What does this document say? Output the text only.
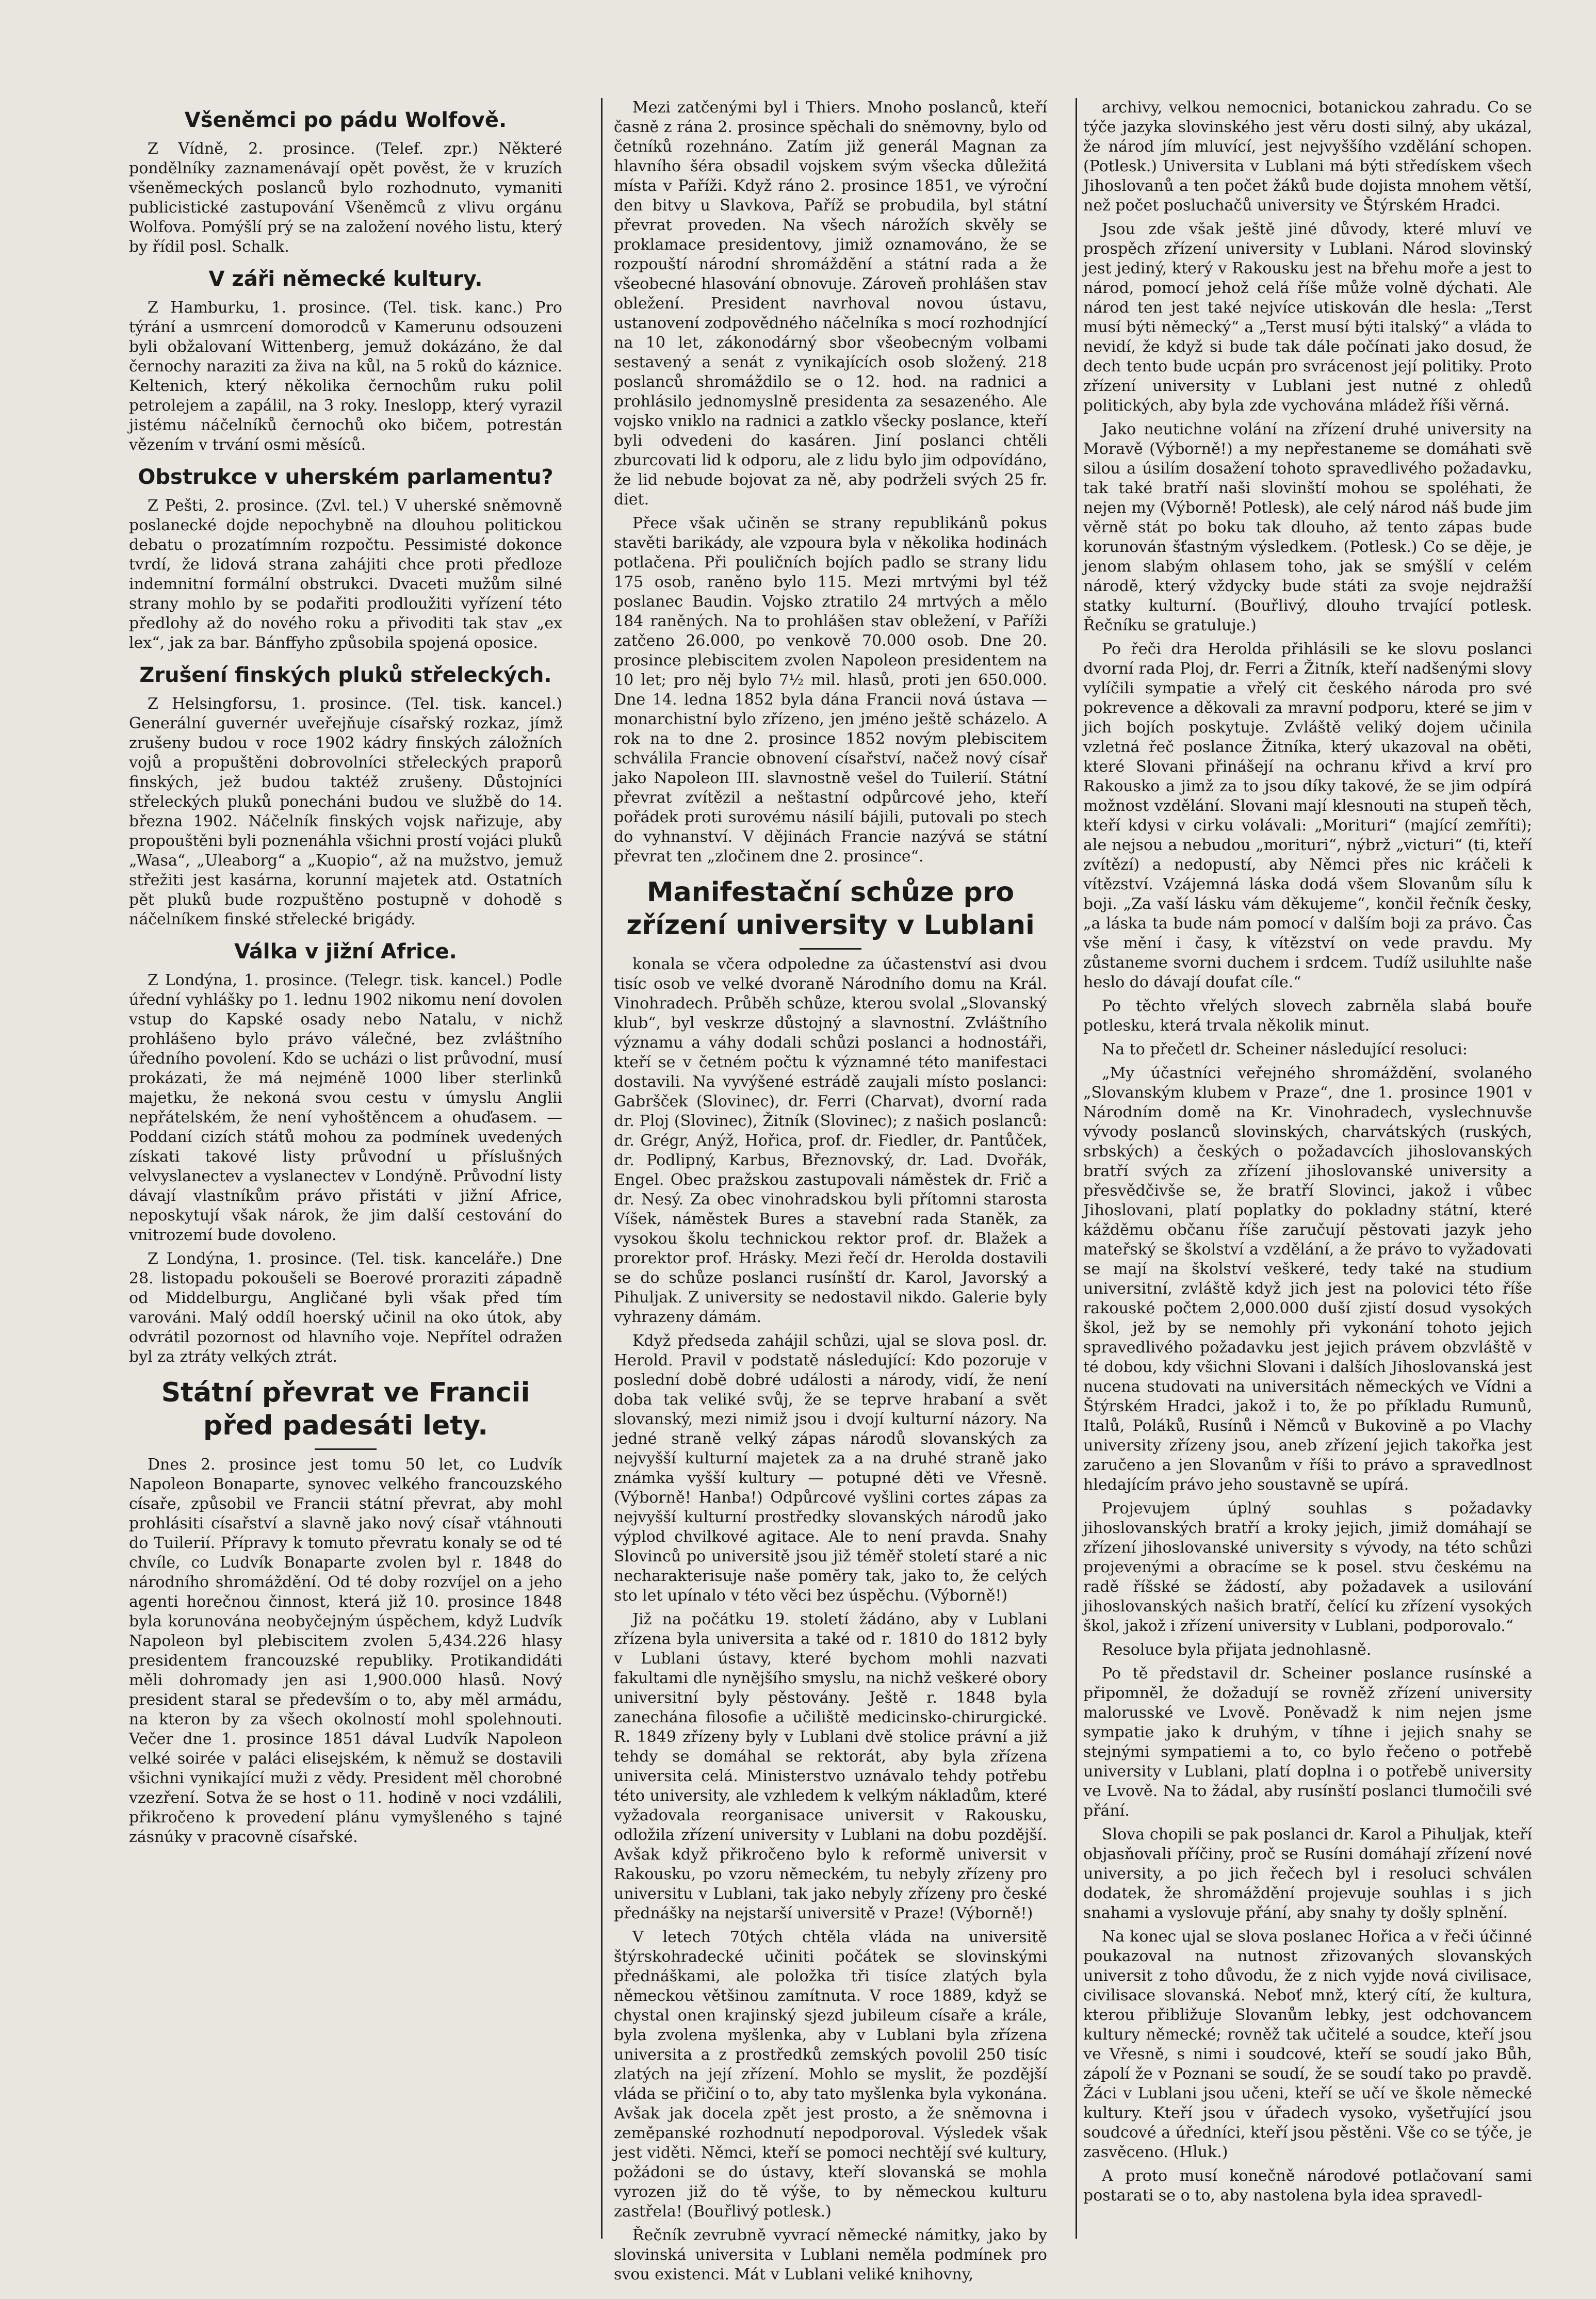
Všeněmci po pádu Wolfově.

Z Vídně, 2. prosince. (Telef. zpr.) Některé pondělníky zaznamenávají opět pověst, že v kruzích všeněmeckých poslanců bylo rozhodnuto, vymaniti publicistické zastupování Všeněmců z vlivu orgánu Wolfova. Pomýšlí prý se na založení nového listu, který by řídil posl. Schalk.

V záři německé kultury.

Z Hamburku, 1. prosince. (Tel. tisk. kanc.) Pro týrání a usmrcení domorodců v Kamerunu odsouzeni byli obžalovaní Wittenberg, jemuž dokázáno, že dal černochy naraziti za živa na kůl, na 5 roků do káznice. Keltenich, který několika černochům ruku polil petrolejem a zapálil, na 3 roky. Ineslopp, který vyrazil jistému náčelníků černochů oko bičem, potrestán vězením v trvání osmi měsíců.

Obstrukce v uherském parlamentu?

Z Pešti, 2. prosince. (Zvl. tel.) V uherské sněmovně poslanecké dojde nepochybně na dlouhou politickou debatu o prozatímním rozpočtu. Pessimisté dokonce tvrdí, že lidová strana zahájiti chce proti předloze indemnitní formální obstrukci. Dvaceti mužům silné strany mohlo by se podařiti prodloužiti vyřízení této předlohy až do nového roku a přivoditi tak stav „ex lex“, jak za bar. Bánffyho způsobila spojená oposice.

Zrušení finských pluků střeleckých.

Z Helsingforsu, 1. prosince. (Tel. tisk. kancel.) Generální guvernér uveřejňuje císařský rozkaz, jímž zrušeny budou v roce 1902 kádry finských záložních vojů a propuštěni dobrovolníci střeleckých praporů finských, jež budou taktéž zrušeny. Důstojníci střeleckých pluků ponecháni budou ve službě do 14. března 1902. Náčelník finských vojsk nařizuje, aby propouštěni byli poznenáhla všichni prostí vojáci pluků „Wasa“, „Uleaborg“ a „Kuopio“, až na mužstvo, jemuž střežiti jest kasárna, korunní majetek atd. Ostatních pět pluků bude rozpuštěno postupně v dohodě s náčelníkem finské střelecké brigády.

Válka v jižní Africe.

Z Londýna, 1. prosince. (Telegr. tisk. kancel.) Podle úřední vyhlášky po 1. lednu 1902 nikomu není dovolen vstup do Kapské osady nebo Natalu, v nichž prohlášeno bylo právo válečné, bez zvláštního úředního povolení. Kdo se ucházi o list průvodní, musí prokázati, že má nejméně 1000 liber sterlinků majetku, že nekoná svou cestu v úmyslu Anglii nepřátelském, že není vyhoštěncem a ohuďasem. — Poddaní cizích států mohou za podmínek uvedených získati takové listy průvodní u příslušných velvyslanectev a vyslanectev v Londýně. Průvodní listy dávají vlastníkům právo přistáti v jižní Africe, neposkytují však nárok, že jim další cestování do vnitrozemí bude dovoleno.

Z Londýna, 1. prosince. (Tel. tisk. kanceláře.) Dne 28. listopadu pokoušeli se Boerové proraziti západně od Middelburgu, Angličané byli však před tím varováni. Malý oddíl hoerský učinil na oko útok, aby odvrátil pozornost od hlavního voje. Nepřítel odražen byl za ztráty velkých ztrát.

Státní převrat ve Francii před padesáti lety.

Dnes 2. prosince jest tomu 50 let, co Ludvík Napoleon Bonaparte, synovec velkého francouzského císaře, způsobil ve Francii státní převrat, aby mohl prohlásiti císařství a slavně jako nový císař vtáhnouti do Tuilerií. Přípravy k tomuto převratu konaly se od té chvíle, co Ludvík Bonaparte zvolen byl r. 1848 do národního shromáždění. Od té doby rozvíjel on a jeho agenti horečnou činnost, která již 10. prosince 1848 byla korunována neobyčejným úspěchem, když Ludvík Napoleon byl plebiscitem zvolen 5,434.226 hlasy presidentem francouzské republiky. Protikandidáti měli dohromady jen asi 1,900.000 hlasů. Nový president staral se především o to, aby měl armádu, na kteron by za všech okolností mohl spolehnouti. Večer dne 1. prosince 1851 dával Ludvík Napoleon velké soirée v paláci elisejském, k němuž se dostavili všichni vynikající muži z vědy. President měl chorobné vzezření. Sotva že se host o 11. hodině v noci vzdálili, přikročeno k provedení plánu vymyšleného s tajné zásnúky v pracovně císařské.

Mezi zatčenými byl i Thiers. Mnoho poslanců, kteří časně z rána 2. prosince spěchali do sněmovny, bylo od četníků rozehnáno. Zatím již generál Magnan za hlavního šéra obsadil vojskem svým všecka důležitá místa v Paříži. Když ráno 2. prosince 1851, ve výroční den bitvy u Slavkova, Paříž se probudila, byl státní převrat proveden. Na všech nárožích skvěly se proklamace presidentovy, jimiž oznamováno, že se rozpouští národní shromáždění a státní rada a že všeobecné hlasování obnovuje. Zároveň prohlášen stav obležení. President navrhoval novou ústavu, ustanovení zodpovědného náčelníka s mocí rozhodnjící na 10 let, zákonodárný sbor všeobecným volbami sestavený a senát z vynikajících osob složený. 218 poslanců shromáždilo se o 12. hod. na radnici a prohlásilo jednomyslně presidenta za sesazeného. Ale vojsko vniklo na radnici a zatklo všecky poslance, kteří byli odvedeni do kasáren. Jiní poslanci chtěli zburcovati lid k odporu, ale z lidu bylo jim odpovídáno, že lid nebude bojovat za ně, aby podrželi svých 25 fr. diet.

Přece však učiněn se strany republikánů pokus stavěti barikády, ale vzpoura byla v několika hodinách potlačena. Při pouličních bojích padlo se strany lidu 175 osob, raněno bylo 115. Mezi mrtvými byl též poslanec Baudin. Vojsko ztratilo 24 mrtvých a mělo 184 raněných. Na to prohlášen stav obležení, v Paříži zatčeno 26.000, po venkově 70.000 osob. Dne 20. prosince plebiscitem zvolen Napoleon presidentem na 10 let; pro něj bylo 7½ mil. hlasů, proti jen 650.000. Dne 14. ledna 1852 byla dána Francii nová ústava — monarchistní bylo zřízeno, jen jméno ještě scházelo. A rok na to dne 2. prosince 1852 novým plebiscitem schválila Francie obnovení císařství, načež nový císař jako Napoleon III. slavnostně vešel do Tuilerií. Státní převrat zvítězil a neštastní odpůrcové jeho, kteří pořádek proti surovému násilí bájili, putovali po stech do vyhnanství. V dějinách Francie nazývá se státní převrat ten „zločinem dne 2. prosince“.

Manifestační schůze pro zřízení university v Lublani

konala se včera odpoledne za účastenství asi dvou tisíc osob ve velké dvoraně Národního domu na Král. Vinohradech. Průběh schůze, kterou svolal „Slovanský klub“, byl veskrze důstojný a slavnostní. Zvláštního významu a váhy dodali schůzi poslanci a hodnostáři, kteří se v četném počtu k významné této manifestaci dostavili. Na vyvýšené estrádě zaujali místo poslanci: Gabršček (Slovinec), dr. Ferri (Charvat), dvorní rada dr. Ploj (Slovinec), Žitník (Slovinec); z našich poslanců: dr. Grégr, Anýž, Hořica, prof. dr. Fiedler, dr. Pantůček, dr. Podlipný, Karbus, Březnovský, dr. Lad. Dvořák, Engel. Obec pražskou zastupovali náměstek dr. Frič a dr. Nesý. Za obec vinohradskou byli přítomni starosta Víšek, náměstek Bures a stavební rada Staněk, za vysokou školu technickou rektor prof. dr. Blažek a prorektor prof. Hrásky. Mezi řečí dr. Herolda dostavili se do schůze poslanci rusínští dr. Karol, Javorský a Pihuljak. Z university se nedostavil nikdo. Galerie byly vyhrazeny dámám.

Když předseda zahájil schůzi, ujal se slova posl. dr. Herold. Pravil v podstatě následující: Kdo pozoruje v poslední době dobré události a národy, vidí, že není doba tak veliké svůj, že se teprve hrabaní a svět slovanský, mezi nimiž jsou i dvojí kulturní názory. Na jedné straně velký zápas národů slovanských za nejvyšší kulturní majetek za a na druhé straně jako známka vyšší kultury — potupné děti ve Vřesně. (Výborně! Hanba!) Odpůrcové vyšlini cortes zápas za nejvyšší kulturní prostředky slovanských národů jako výplod chvilkové agitace. Ale to není pravda. Snahy Slovinců po universitě jsou již téměř století staré a nic necharakterisuje naše pomĕry tak, jako to, že celých sto let upínalo v této věci bez úspěchu. (Výborně!)

Již na počátku 19. století žádáno, aby v Lublani zřízena byla universita a také od r. 1810 do 1812 byly v Lublani ústavy, které bychom mohli nazvati fakultami dle nynějšího smyslu, na nichž veškeré obory universitní byly pěstovány. Ještě r. 1848 byla zanechána filosofie a učiliště medicinsko-chirurgické. R. 1849 zřízeny byly v Lublani dvě stolice právní a již tehdy se domáhal se rektorát, aby byla zřízena universita celá. Ministerstvo uznávalo tehdy potřebu této university, ale vzhledem k velkým nákladům, které vyžadovala reorganisace universit v Rakousku, odložila zřízení university v Lublani na dobu pozdější. Avšak když přikročeno bylo k reformě universit v Rakousku, po vzoru německém, tu nebyly zřízeny pro universitu v Lublani, tak jako nebyly zřízeny pro české přednášky na nejstarší universitě v Praze! (Výborně!)

V letech 70tých chtěla vláda na universitě štýrskohradecké učiniti počátek se slovinskými přednáškami, ale položka tři tisíce zlatých byla německou většinou zamítnuta. V roce 1889, když se chystal onen krajinský sjezd jubileum císaře a krále, byla zvolena myšlenka, aby v Lublani byla zřízena universita a z prostředků zemských povolil 250 tisíc zlatých na její zřízení. Mohlo se myslit, že pozdější vláda se přičiní o to, aby tato myšlenka byla vykonána. Avšak jak docela zpět jest prosto, a že sněmovna i zeměpanské rozhodnutí nepodporoval. Výsledek však jest viděti. Němci, kteří se pomoci nechtějí své kultury, požádoni se do ústavy, kteří slovanská se mohla vyrozen již do tě výše, to by německou kulturu zastřela! (Bouřlivý potlesk.)

Řečník zevrubně vyvrací německé námitky, jako by slovinská universita v Lublani neměla podmínek pro svou existenci. Mát v Lublani veliké knihovny,

archivy, velkou nemocnici, botanickou zahradu. Co se týče jazyka slovinského jest věru dosti silný, aby ukázal, že národ jím mluvící, jest nejvyššího vzdělání schopen. (Potlesk.) Universita v Lublani má býti středískem všech Jihoslovanů a ten počet žáků bude dojista mnohem větší, než počet posluchačů university ve Štýrském Hradci.

Jsou zde však ještě jiné důvody, které mluví ve prospěch zřízení university v Lublani. Národ slovinský jest jediný, který v Rakousku jest na břehu moře a jest to národ, pomocí jehož celá říše může volně dýchati. Ale národ ten jest také nejvíce utiskován dle hesla: „Terst musí býti německý“ a „Terst musí býti italský“ a vláda to nevidí, že když si bude tak dále počínati jako dosud, že dech tento bude ucpán pro svrácenost její politiky. Proto zřízení university v Lublani jest nutné z ohledů politických, aby byla zde vychována mládež říši věrná.

Jako neutichne volání na zřízení druhé university na Moravě (Výborně!) a my nepřestaneme se domáhati svĕ silou a úsilím dosažení tohoto spravedlivého požadavku, tak také bratří naši slovinští mohou se spoléhati, že nejen my (Výborně! Potlesk), ale celý národ náš bude jim věrně stát po boku tak dlouho, až tento zápas bude korunován šťastným výsledkem. (Potlesk.) Co se děje, je jenom slabým ohlasem toho, jak se smýšlí v celém národě, který vždycky bude státi za svoje nejdražší statky kulturní. (Bouřlivý, dlouho trvající potlesk. Řečníku se gratuluje.)

Po řeči dra Herolda přihlásili se ke slovu poslanci dvorní rada Ploj, dr. Ferri a Žitník, kteří nadšenými slovy vylíčili sympatie a vřelý cit českého národa pro své pokrevence a děkovali za mravní podporu, které se jim v jich bojích poskytuje. Zvláště veliký dojem učinila vzletná řeč poslance Žitníka, který ukazoval na oběti, které Slovani přinášejí na ochranu křivd a krví pro Rakousko a jimž za to jsou díky takové, že se jim odpírá možnost vzdělání. Slovani mají klesnouti na stupeň těch, kteří kdysi v cirku volávali: „Morituri“ (mající zemříti); ale nejsou a nebudou „morituri“, nýbrž „victuri“ (ti, kteří zvítězí) a nedopustí, aby Němci přes nic kráčeli k vítězství. Vzájemná láska dodá všem Slovanům sílu k boji. „Za vaší lásku vám děkujeme“, končil řečník česky, „a láska ta bude nám pomocí v dalším boji za právo. Čas vše mění i časy, k vítězství on vede pravdu. My zůstaneme svorni duchem i srdcem. Tudíž usiluhlte naše heslo do dávají doufat cíle.“

Po těchto vřelých slovech zabrněla slabá bouře potlesku, která trvala několik minut.

Na to přečetl dr. Scheiner následující resoluci:

„My účastníci veřejného shromáždění, svolaného „Slovanským klubem v Praze“, dne 1. prosince 1901 v Národním domě na Kr. Vinohradech, vyslechnuvše vývody poslanců slovinských, charvátských (ruských, srbských) a českých o požadavcích jihoslovanských bratří svých za zřízení jihoslovanské university a přesvědčivše se, že bratří Slovinci, jakož i vůbec Jihoslovani, platí poplatky do pokladny státní, které kážděmu občanu říše zaručují pěstovati jazyk jeho mateřský se školství a vzdělání, a že právo to vyžadovati se mají na školství veškeré, tedy také na studium universitní, zvláště když jich jest na polovici této říše rakouské počtem 2,000.000 duší zjistí dosud vysokých škol, jež by se nemohly při vykonání tohoto jejich spravedlivého požadavku jest jejich právem obzvláště v té dobou, kdy všichni Slovani i dalších Jihoslovanská jest nucena studovati na universitách německých ve Vídni a Štýrském Hradci, jakož i to, že po příkladu Rumunů, Italů, Poláků, Rusínů i Němců v Bukovině a po Vlachy university zřízeny jsou, aneb zřízení jejich takořka jest zaručeno a jen Slovanům v říši to právo a spravedlnost hledajícím právo jeho soustavně se upírá.

Projevujem úplný souhlas s požadavky jihoslovanských bratří a kroky jejich, jimiž domáhají se zřízení jihoslovanské university s vývody, na této schůzi projevenými a obracíme se k posel. stvu českému na radě říšské se žádostí, aby požadavek a usilování jihoslovanských našich bratří, čelící ku zřízení vysokých škol, jakož i zřízení university v Lublani, podporovalo.“

Resoluce byla přijata jednohlasně.

Po tě představil dr. Scheiner poslance rusínské a připomněl, že dožadují se rovněž zřízení university malorusské ve Lvově. Poněvadž k nim nejen jsme sympatie jako k druhým, v tíhne i jejich snahy se stejnými sympatiemi a to, co bylo řečeno o potřebě university v Lublani, platí doplna i o potřebě university ve Lvově. Na to žádal, aby rusínští poslanci tlumočili své přání.

Slova chopili se pak poslanci dr. Karol a Pihuljak, kteří objasňovali příčiny, proč se Rusíni domáhají zřízení nové university, a po jich řečech byl i resoluci schválen dodatek, že shromáždění projevuje souhlas i s jich snahami a vyslovuje přání, aby snahy ty došly splnění.

Na konec ujal se slova poslanec Hořica a v řeči účinné poukazoval na nutnost zřizovaných slovanských universit z toho důvodu, že z nich vyjde nová civilisace, civilisace slovanská. Neboť mnž, který cítí, že kultura, kterou přibližuje Slovanům lebky, jest odchovancem kultury německé; rovněž tak učitelé a soudce, kteří jsou ve Vřesně, s nimi i soudcové, kteří se soudí jako Bůh, zápolí že v Poznani se soudí, že se soudí tako po pravdě. Žáci v Lublani jsou učeni, kteří se učí ve škole německé kultury. Kteří jsou v úřadech vysoko, vyšetřující jsou soudcové a úředníci, kteří jsou pěstěni. Vše co se týče, je zasvěceno. (Hluk.)

A proto musí konečně národové potlačovaní sami postarati se o to, aby nastolena byla idea spravedl-
